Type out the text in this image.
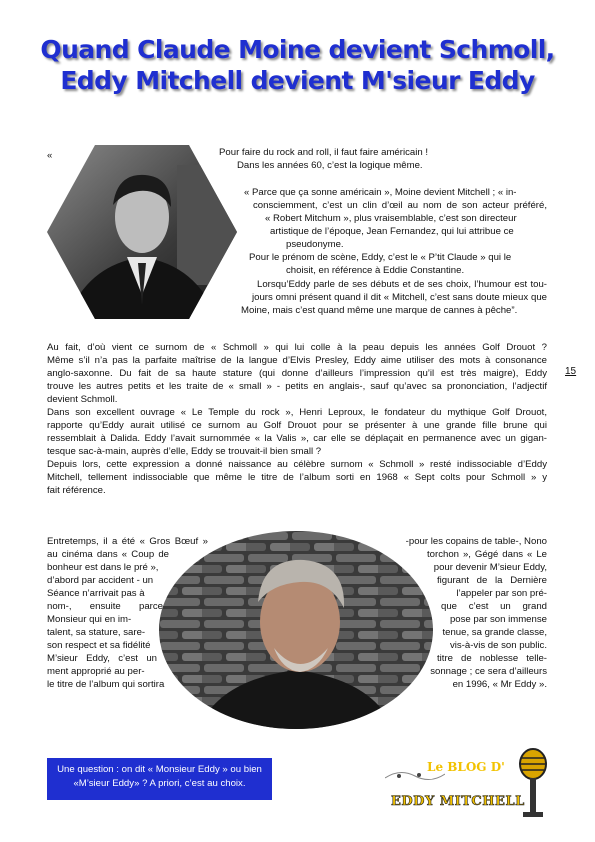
Quand Claude Moine devient Schmoll,
Eddy Mitchell devient M'sieur Eddy
«	Pour faire du rock and roll, il faut faire américain !
Dans les années 60, c’est la logique même.
« Parce que ça sonne américain », Moine devient Mitchell ; « in-
consciemment, c’est un clin d’œil au nom de son acteur préféré,
« Robert Mitchum », plus vraisemblable, c’est son directeur
artistique de l’époque, Jean Fernandez, qui lui attribue ce
pseudonyme.
Pour le prénom de scène, Eddy, c’est le « P’tit Claude » qui le
choisit, en référence à Eddie Constantine.
Lorsqu’Eddy parle de ses débuts et de ses choix, l’humour est tou-
jours omni présent quand il dit « Mitchell, c’est sans doute mieux que
Moine, mais c’est quand même une marque de cannes à pêche”.
Au fait, d’où vient ce surnom de « Schmoll » qui lui colle à la peau depuis les années Golf Drouot ?
Même s’il n’a pas la parfaite maîtrise de la langue d’Elvis Presley, Eddy aime utiliser des mots à consonance
anglo-saxonne. Du fait de sa haute stature (qui donne d’ailleurs l’impression qu’il est très maigre), Eddy
trouve les autres petits et les traite de « small » - petits en anglais-, sauf qu’avec sa prononciation, l’adjectif
devient Schmoll.
Dans son excellent ouvrage « Le Temple du rock », Henri Leproux, le fondateur du mythique Golf Drouot,
rapporte qu’Eddy aurait utilisé ce surnom au Golf Drouot pour se présenter à une grande fille brune qui
ressemblait à Dalida. Eddy l’avait surnommée « la Valis », car elle se déplaçait en permanence avec un gigan-
tesque sac-à-main, auprès d’elle, Eddy se trouvait-il bien small ?
Depuis lors, cette expression a donné naissance au célèbre surnom « Schmoll » resté indissociable d’Eddy
Mitchell, tellement indissociable que même le titre de l’album sorti en 1968 « Sept colts pour Schmoll » y
fait référence.
15
Entretemps, il a été « Gros Bœuf »
au cinéma dans « Coup de
bonheur est dans le pré »,
d’abord par accident - un
Séance n’arrivait pas à
nom-, ensuite parce
Monsieur qui en im-
talent, sa stature, sare-
son respect et sa fidélité
M’sieur Eddy, c’est un
ment approprié au per-
le titre de l’album qui sortira
-pour les copains de table-, Nono
torchon », Gégé dans « Le
pour devenir M’sieur Eddy,
figurant de la Dernière
l’appeler par son pré-
que c’est un grand
pose par son immense
tenue, sa grande classe,
vis-à-vis de son public.
titre de noblesse telle-
sonnage ; ce sera d’ailleurs
en 1996, « Mr Eddy ».
Une question : on dit « Monsieur Eddy » ou bien
«M’sieur Eddy» ? A priori, c’est au choix.
Le BLOG D'
EDDY MITCHELL
